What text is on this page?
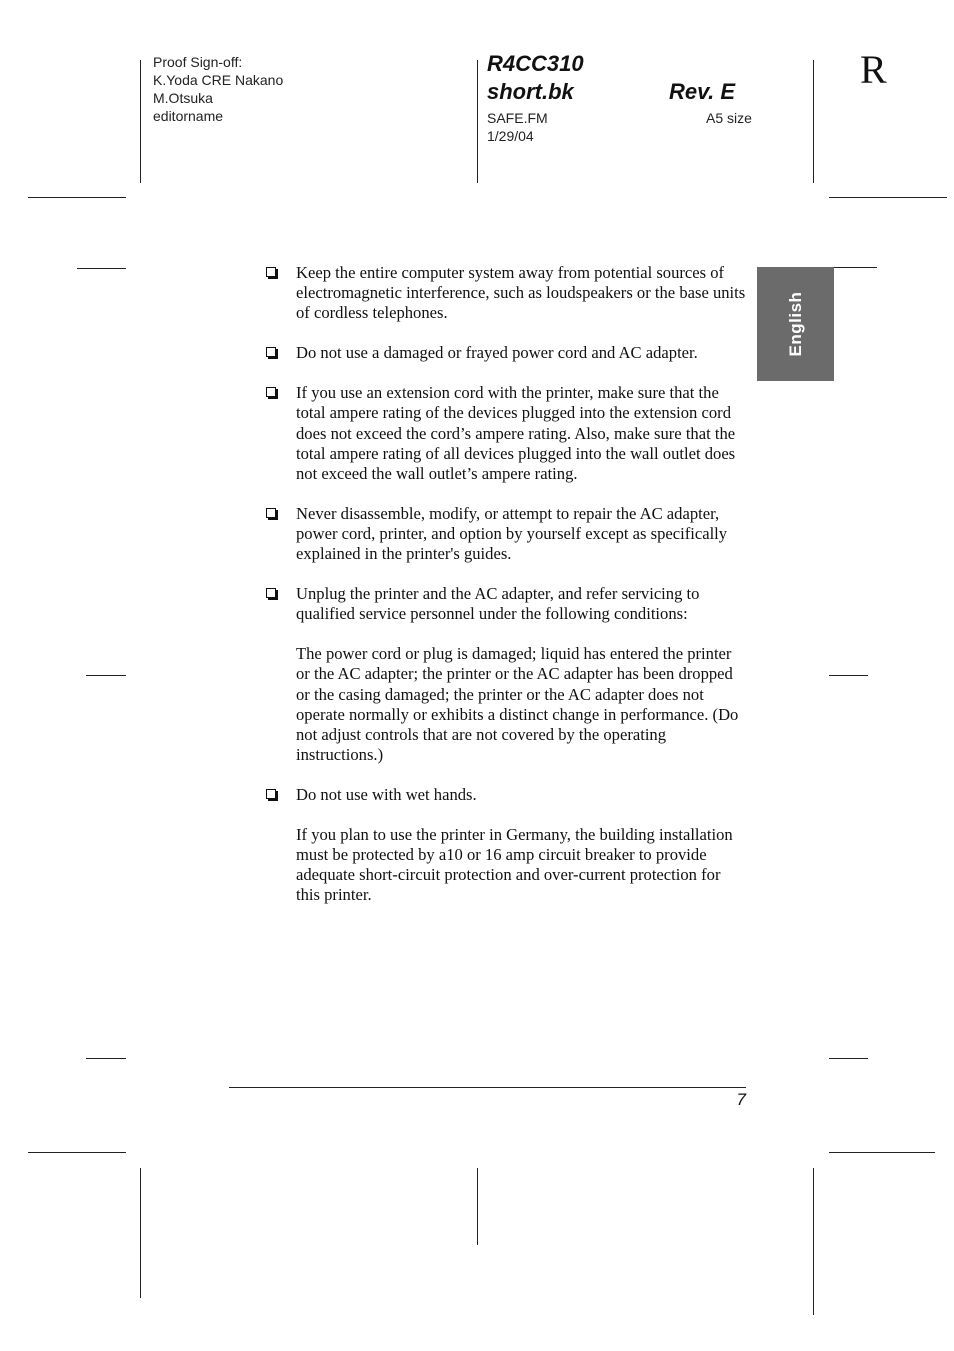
Proof Sign-off:
K.Yoda CRE Nakano
M.Otsuka
editorname
R4CC310
short.bk	Rev. E
SAFE.FM
1/29/04
A5 size
R
English

Keep the entire computer system away from potential sources of electromagnetic interference, such as loudspeakers or the base units of cordless telephones.

Do not use a damaged or frayed power cord and AC adapter.

If you use an extension cord with the printer, make sure that the total ampere rating of the devices plugged into the extension cord does not exceed the cord’s ampere rating. Also, make sure that the total ampere rating of all devices plugged into the wall outlet does not exceed the wall outlet’s ampere rating.

Never disassemble, modify, or attempt to repair the AC adapter, power cord, printer, and option by yourself except as specifically explained in the printer's guides.

Unplug the printer and the AC adapter, and refer servicing to qualified service personnel under the following conditions:

The power cord or plug is damaged; liquid has entered the printer or the AC adapter; the printer or the AC adapter has been dropped or the casing damaged; the printer or the AC adapter does not operate normally or exhibits a distinct change in performance. (Do not adjust controls that are not covered by the operating instructions.)

Do not use with wet hands.

If you plan to use the printer in Germany, the building installation must be protected by a10 or 16 amp circuit breaker to provide adequate short-circuit protection and over-current protection for this printer.

7
